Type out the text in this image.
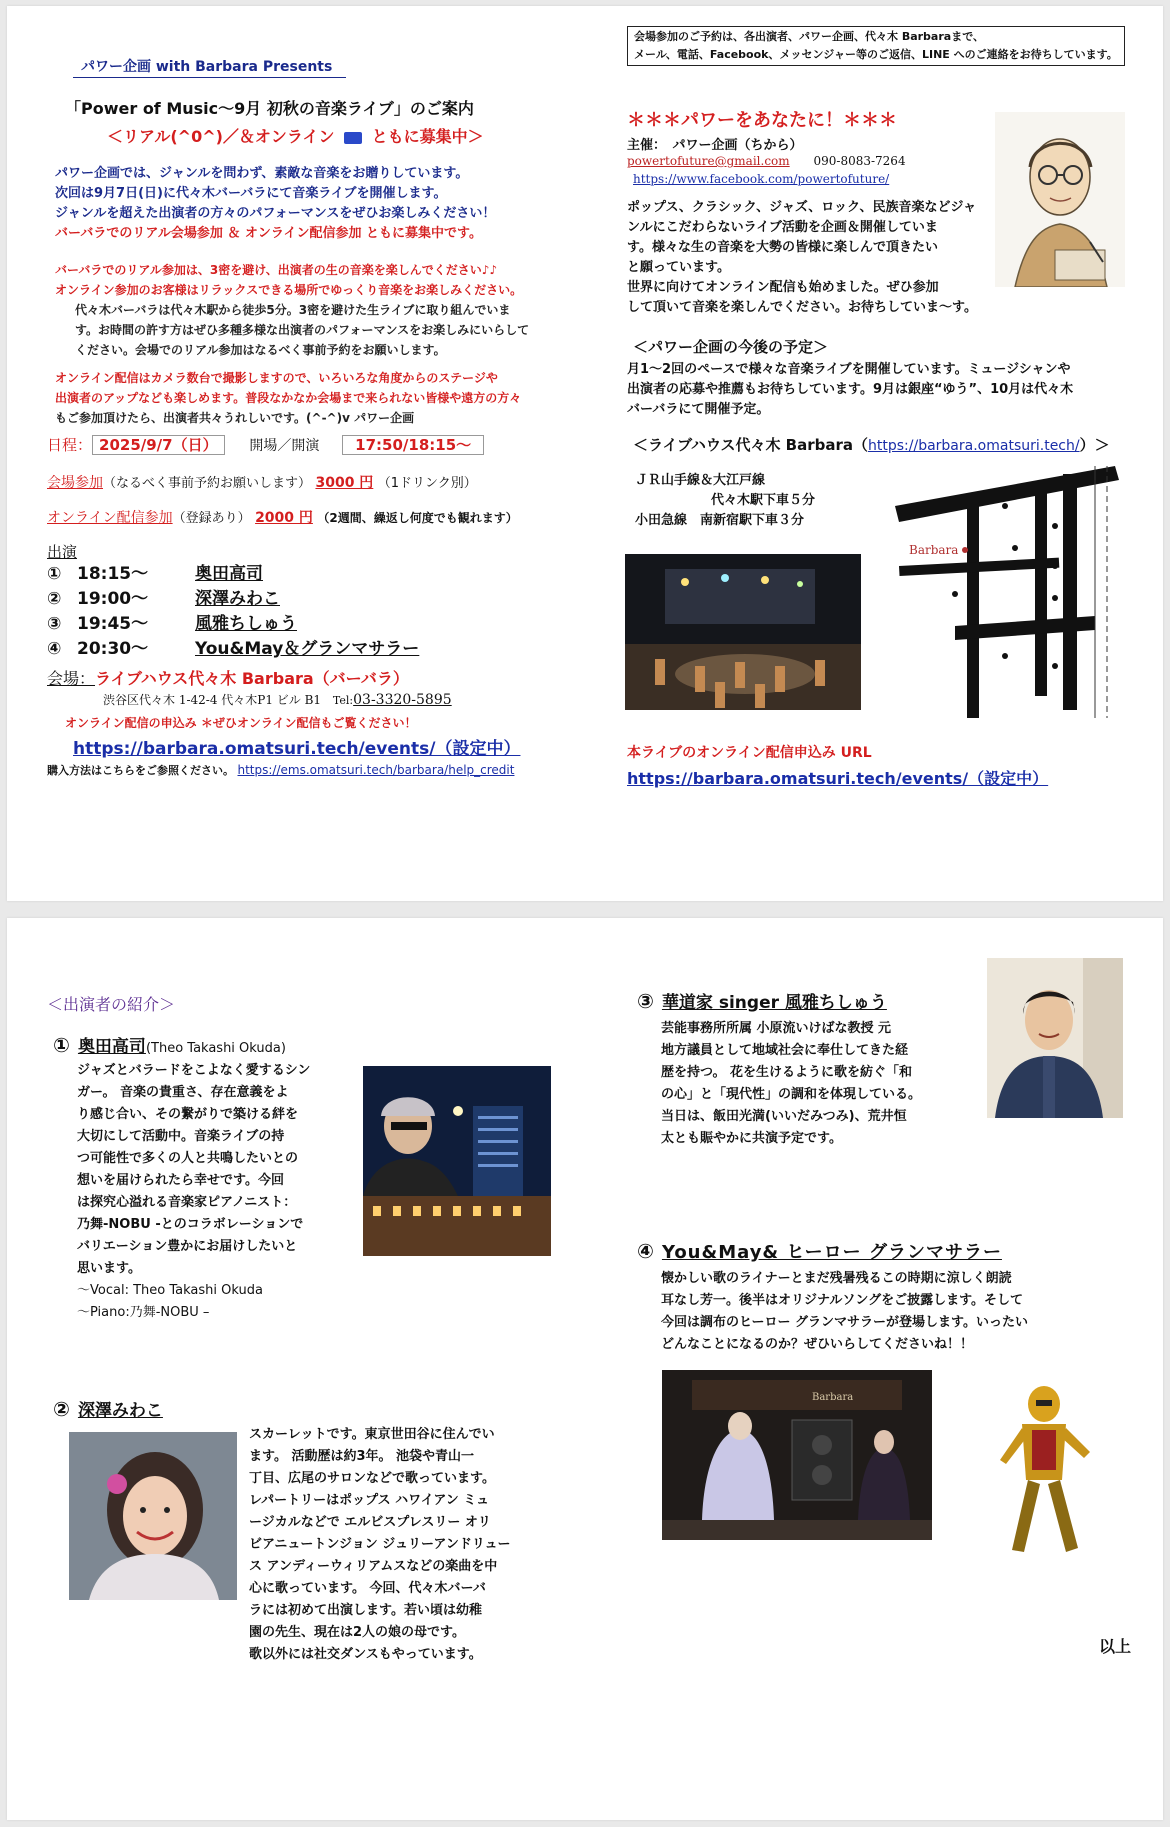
パワー企画 with Barbara Presents
「Power of Music～9月 初秋の音楽ライブ」のご案内
＜リアル(^0^)／＆オンライン ともに募集中＞
パワー企画では、ジャンルを問わず、素敵な音楽をお贈りしています。
次回は9月7日(日)に代々木バーバラにて音楽ライブを開催します。
ジャンルを超えた出演者の方々のパフォーマンスをぜひお楽しみください！
バーバラでのリアル会場参加 ＆ オンライン配信参加 ともに募集中です。
バーバラでのリアル参加は、3密を避け、出演者の生の音楽を楽しんでください♪♪
オンライン参加のお客様はリラックスできる場所でゆっくり音楽をお楽しみください。
代々木バーバラは代々木駅から徒歩5分。3密を避けた生ライブに取り組んでいま
す。お時間の許す方はぜひ多種多様な出演者のパフォーマンスをお楽しみにいらして
ください。会場でのリアル参加はなるべく事前予約をお願いします。
オンライン配信はカメラ数台で撮影しますので、いろいろな角度からのステージや
出演者のアップなども楽しめます。普段なかなか会場まで来られない皆様や遠方の方々
もご参加頂けたら、出演者共々うれしいです。(^-^)v パワー企画
日程： 2025/9/7（日） 開場／開演 17:50/18:15～
会場参加（なるべく事前予約お願いします） 3000 円 （1ドリンク別）
オンライン配信参加（登録あり） 2000 円 （2週間、繰返し何度でも観れます）
出演
① 18:15～	奥田高司
② 19:00～	深澤みわこ
③ 19:45～	風雅ちしゅう
④ 20:30～	You&May＆グランマサラー
会場：ライブハウス代々木 Barbara（バーバラ）
渋谷区代々木 1-42-4 代々木P1 ビル B1 Tel:03-3320-5895
オンライン配信の申込み ＊ぜひオンライン配信もご覧ください！
https://barbara.omatsuri.tech/events/（設定中）
購入方法はこちらをご参照ください。 https://ems.omatsuri.tech/barbara/help_credit
会場参加のご予約は、各出演者、パワー企画、代々木 Barbaraまで、
メール、電話、Facebook、メッセンジャー等のご返信、LINE へのご連絡をお待ちしています。
＊＊＊パワーをあなたに！＊＊＊
主催：　パワー企画（ちから）
powertofuture@gmail.com 090-8083-7264
https://www.facebook.com/powertofuture/
ポップス、クラシック、ジャズ、ロック、民族音楽などジャ
ンルにこだわらないライブ活動を企画＆開催していま
す。様々な生の音楽を大勢の皆様に楽しんで頂きたい
と願っています。
世界に向けてオンライン配信も始めました。ぜひ参加
して頂いて音楽を楽しんでください。お待ちしていま～す。
＜パワー企画の今後の予定＞
月1～2回のペースで様々な音楽ライブを開催しています。ミュージシャンや
出演者の応募や推薦もお待ちしています。9月は銀座“ゆう”、10月は代々木
バーバラにて開催予定。
＜ライブハウス代々木 Barbara（https://barbara.omatsuri.tech/）＞
ＪＲ山手線＆大江戸線
代々木駅下車５分
小田急線　南新宿駅下車３分
Barbara
本ライブのオンライン配信申込み URL
https://barbara.omatsuri.tech/events/（設定中）
＜出演者の紹介＞
① 奥田高司(Theo Takashi Okuda)
ジャズとバラードをこよなく愛するシン
ガー。 音楽の貴重さ、存在意義をよ
り感じ合い、その繋がりで築ける絆を
大切にして活動中。音楽ライブの持
つ可能性で多くの人と共鳴したいとの
想いを届けられたら幸せです。今回
は探究心溢れる音楽家ピアノニスト：
乃舞-NOBU -とのコラボレーションで
バリエーション豊かにお届けしたいと
思います。
～Vocal: Theo Takashi Okuda
～Piano:乃舞-NOBU –
② 深澤みわこ
スカーレットです。東京世田谷に住んでい
ます。 活動歴は約3年。 池袋や青山一
丁目、広尾のサロンなどで歌っています。
レパートリーはポップス ハワイアン ミュ
ージカルなどで エルビスプレスリー オリ
ビアニュートンジョン ジュリーアンドリュー
ス アンディーウィリアムスなどの楽曲を中
心に歌っています。 今回、代々木バーバ
ラには初めて出演します。若い頃は幼稚
園の先生、現在は2人の娘の母です。
歌以外には社交ダンスもやっています。
③ 華道家 singer 風雅ちしゅう
芸能事務所所属 小原流いけばな教授 元
地方議員として地域社会に奉仕してきた経
歴を持つ。 花を生けるように歌を紡ぐ「和
の心」と「現代性」の調和を体現している。
当日は、飯田光満(いいだみつみ)、荒井恒
太とも賑やかに共演予定です。
④ You&May& ヒーロー グランマサラー
懐かしい歌のライナーとまだ残暑残るこの時期に涼しく朗読
耳なし芳一。後半はオリジナルソングをご披露します。そして
今回は調布のヒーロー グランマサラーが登場します。いったい
どんなことになるのか？ぜひいらしてくださいね！！
Barbara
以上
